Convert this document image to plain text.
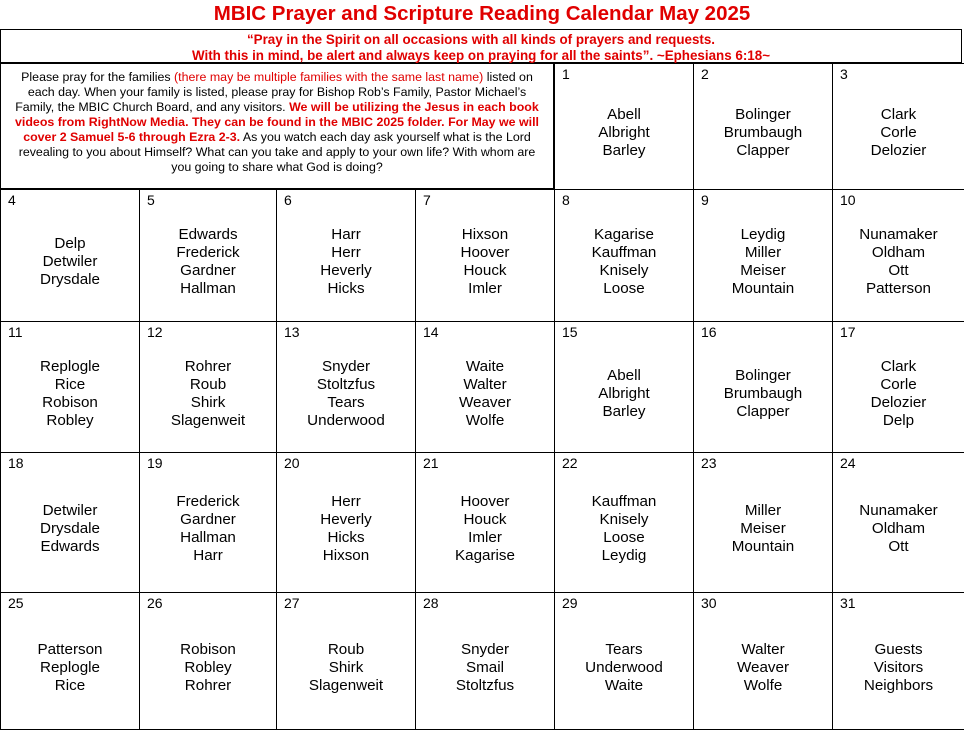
MBIC Prayer and Scripture Reading Calendar May 2025
“Pray in the Spirit on all occasions with all kinds of prayers and requests.
With this in mind, be alert and always keep on praying for all the saints”. ~Ephesians 6:18~
Please pray for the families (there may be multiple families with the same last name) listed on each day. When your family is listed, please pray for Bishop Rob’s Family, Pastor Michael’s Family, the MBIC Church Board, and any visitors. We will be utilizing the Jesus in each book videos from RightNow Media. They can be found in the MBIC 2025 folder. For May we will cover 2 Samuel 5-6 through Ezra 2-3. As you watch each day ask yourself what is the Lord revealing to you about Himself? What can you take and apply to your own life? With whom are you going to share what God is doing?
1
Abell
Albright
Barley
2
Bolinger
Brumbaugh
Clapper
3
Clark
Corle
Delozier
4
Delp
Detwiler
Drysdale
5
Edwards
Frederick
Gardner
Hallman
6
Harr
Herr
Heverly
Hicks
7
Hixson
Hoover
Houck
Imler
8
Kagarise
Kauffman
Knisely
Loose
9
Leydig
Miller
Meiser
Mountain
10
Nunamaker
Oldham
Ott
Patterson
11
Replogle
Rice
Robison
Robley
12
Rohrer
Roub
Shirk
Slagenweit
13
Snyder
Stoltzfus
Tears
Underwood
14
Waite
Walter
Weaver
Wolfe
15
Abell
Albright
Barley
16
Bolinger
Brumbaugh
Clapper
17
Clark
Corle
Delozier
Delp
18
Detwiler
Drysdale
Edwards
19
Frederick
Gardner
Hallman
Harr
20
Herr
Heverly
Hicks
Hixson
21
Hoover
Houck
Imler
Kagarise
22
Kauffman
Knisely
Loose
Leydig
23
Miller
Meiser
Mountain
24
Nunamaker
Oldham
Ott
25
Patterson
Replogle
Rice
26
Robison
Robley
Rohrer
27
Roub
Shirk
Slagenweit
28
Snyder
Smail
Stoltzfus
29
Tears
Underwood
Waite
30
Walter
Weaver
Wolfe
31
Guests
Visitors
Neighbors
